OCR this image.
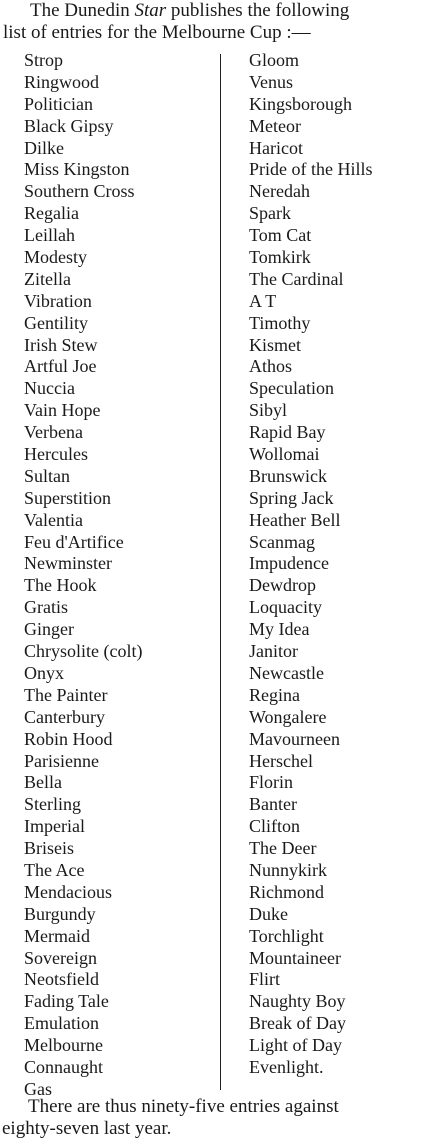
The Dunedin Star publishes the following
list of entries for the Melbourne Cup :—
Strop
Ringwood
Politician
Black Gipsy
Dilke
Miss Kingston
Southern Cross
Regalia
Leillah
Modesty
Zitella
Vibration
Gentility
Irish Stew
Artful Joe
Nuccia
Vain Hope
Verbena
Hercules
Sultan
Superstition
Valentia
Feu d'Artifice
Newminster
The Hook
Gratis
Ginger
Chrysolite (colt)
Onyx
The Painter
Canterbury
Robin Hood
Parisienne
Bella
Sterling
Imperial
Briseis
The Ace
Mendacious
Burgundy
Mermaid
Sovereign
Neotsfield
Fading Tale
Emulation
Melbourne
Connaught
Gas
Gloom
Venus
Kingsborough
Meteor
Haricot
Pride of the Hills
Neredah
Spark
Tom Cat
Tomkirk
The Cardinal
A T
Timothy
Kismet
Athos
Speculation
Sibyl
Rapid Bay
Wollomai
Brunswick
Spring Jack
Heather Bell
Scanmag
Impudence
Dewdrop
Loquacity
My Idea
Janitor
Newcastle
Regina
Wongalere
Mavourneen
Herschel
Florin
Banter
Clifton
The Deer
Nunnykirk
Richmond
Duke
Torchlight
Mountaineer
Flirt
Naughty Boy
Break of Day
Light of Day
Evenlight.
There are thus ninety-five entries against
eighty-seven last year.
